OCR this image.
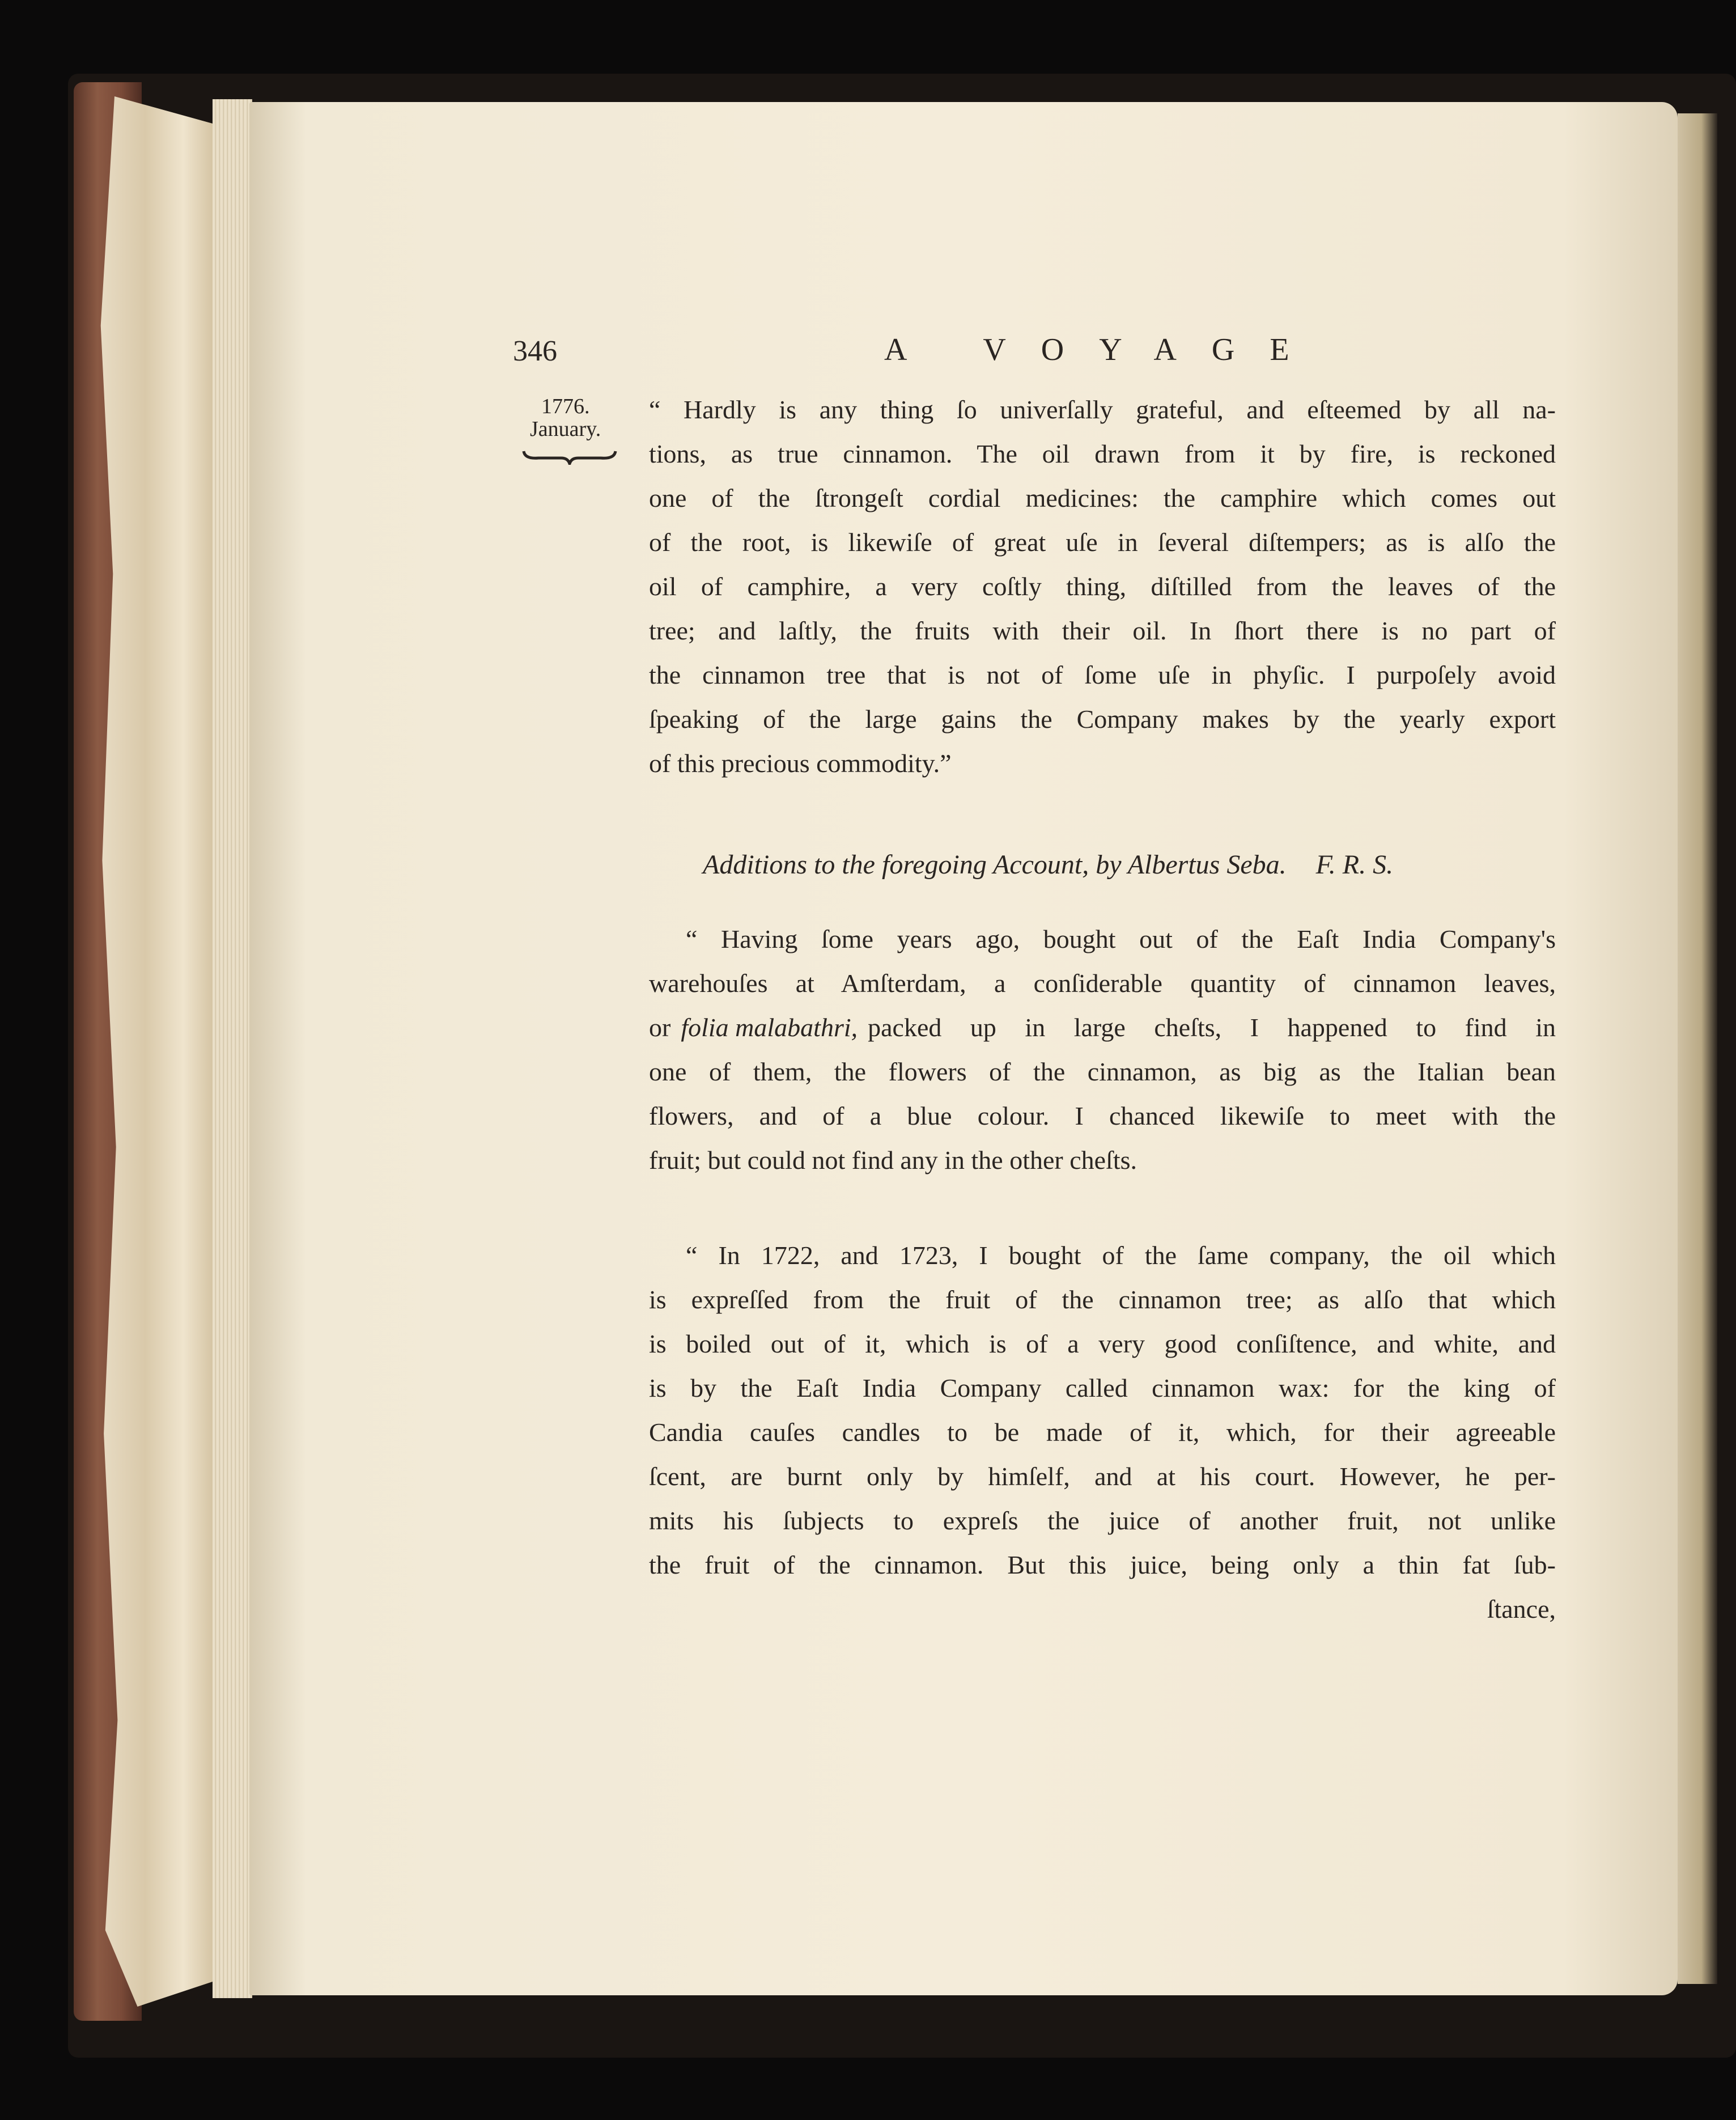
346	A VOYAGE
1776.
January.
“ Hardly is any thing ſo univerſally grateful, and eſteemed by all na-
tions, as true cinnamon. The oil drawn from it by fire, is reckoned
one of the ſtrongeſt cordial medicines: the camphire which comes out
of the root, is likewiſe of great uſe in ſeveral diſtempers; as is alſo the
oil of camphire, a very coſtly thing, diſtilled from the leaves of the
tree; and laſtly, the fruits with their oil. In ſhort there is no part of
the cinnamon tree that is not of ſome uſe in phyſic. I purpoſely avoid
ſpeaking of the large gains the Company makes by the yearly export
of this precious commodity.”
Additions to the foregoing Account, by Albertus Seba. F. R. S.
“ Having ſome years ago, bought out of the Eaſt India Company's
warehouſes at Amſterdam, a conſiderable quantity of cinnamon leaves,
or folia malabathri, packed up in large cheſts, I happened to find in
one of them, the flowers of the cinnamon, as big as the Italian bean
flowers, and of a blue colour. I chanced likewiſe to meet with the
fruit; but could not find any in the other cheſts.
“ In 1722, and 1723, I bought of the ſame company, the oil which
is expreſſed from the fruit of the cinnamon tree; as alſo that which
is boiled out of it, which is of a very good conſiſtence, and white, and
is by the Eaſt India Company called cinnamon wax: for the king of
Candia cauſes candles to be made of it, which, for their agreeable
ſcent, are burnt only by himſelf, and at his court. However, he per-
mits his ſubjects to expreſs the juice of another fruit, not unlike
the fruit of the cinnamon. But this juice, being only a thin fat ſub-
ſtance,
